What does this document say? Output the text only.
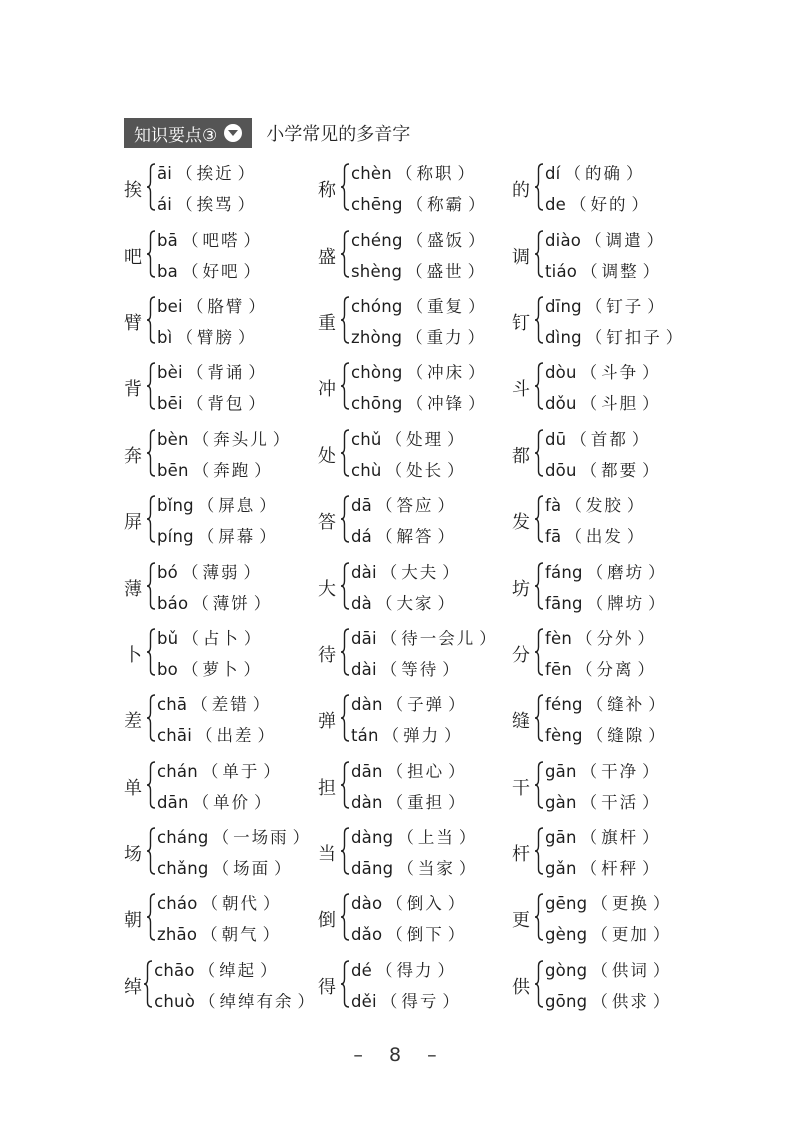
知识要点③	小学常见的多音字
挨
āi （ 挨近 ）
ái （ 挨骂 ）
称
chèn （ 称职 ）
chēng （ 称霸 ）
的
dí （ 的确 ）
de （ 好的 ）
吧
bā （ 吧嗒 ）
ba （ 好吧 ）
盛
chéng （ 盛饭 ）
shèng （ 盛世 ）
调
diào （ 调遣 ）
tiáo （ 调整 ）
臂
bei （ 胳臂 ）
bì （ 臂膀 ）
重
chóng （ 重复 ）
zhòng （ 重力 ）
钉
dīng （ 钉子 ）
dìng （ 钉扣子 ）
背
bèi （ 背诵 ）
bēi （ 背包 ）
冲
chòng （ 冲床 ）
chōng （ 冲锋 ）
斗
dòu （ 斗争 ）
dǒu （ 斗胆 ）
奔
bèn （ 奔头儿 ）
bēn （ 奔跑 ）
处
chǔ （ 处理 ）
chù （ 处长 ）
都
dū （ 首都 ）
dōu （ 都要 ）
屏
bǐng （ 屏息 ）
píng （ 屏幕 ）
答
dā （ 答应 ）
dá （ 解答 ）
发
fà （ 发胶 ）
fā （ 出发 ）
薄
bó （ 薄弱 ）
báo （ 薄饼 ）
大
dài （ 大夫 ）
dà （ 大家 ）
坊
fáng （ 磨坊 ）
fāng （ 牌坊 ）
卜
bǔ （ 占卜 ）
bo （ 萝卜 ）
待
dāi （ 待一会儿 ）
dài （ 等待 ）
分
fèn （ 分外 ）
fēn （ 分离 ）
差
chā （ 差错 ）
chāi （ 出差 ）
弹
dàn （ 子弹 ）
tán （ 弹力 ）
缝
féng （ 缝补 ）
fèng （ 缝隙 ）
单
chán （ 单于 ）
dān （ 单价 ）
担
dān （ 担心 ）
dàn （ 重担 ）
干
gān （ 干净 ）
gàn （ 干活 ）
场
cháng （ 一场雨 ）
chǎng （ 场面 ）
当
dàng （ 上当 ）
dāng （ 当家 ）
杆
gān （ 旗杆 ）
gǎn （ 杆秤 ）
朝
cháo （ 朝代 ）
zhāo （ 朝气 ）
倒
dào （ 倒入 ）
dǎo （ 倒下 ）
更
gēng （ 更换 ）
gèng （ 更加 ）
绰
chāo （ 绰起 ）
chuò （ 绰绰有余 ）
得
dé （ 得力 ）
děi （ 得亏 ）
供
gòng （ 供词 ）
gōng （ 供求 ）
– 8 –
